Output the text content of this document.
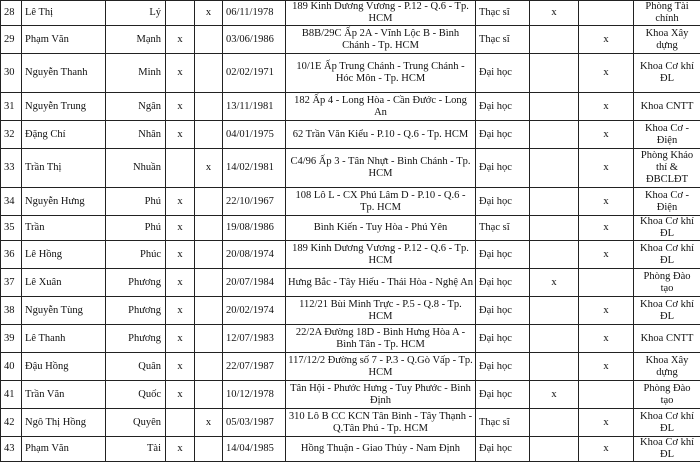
28	Lê Thị	Lý		x	06/11/1978	189 Kinh Dương Vương - P.12 - Q.6 - Tp. HCM	Thạc sĩ	x		Phòng Tài chính
29	Phạm Văn	Mạnh	x		03/06/1986	B8B/29C Ấp 2A - Vĩnh Lộc B - Bình Chánh - Tp. HCM	Thạc sĩ		x	Khoa Xây dựng
30	Nguyễn Thanh	Minh	x		02/02/1971	10/1E Ấp Trung Chánh - Trung Chánh - Hóc Môn - Tp. HCM	Đại học		x	Khoa Cơ khí ĐL
31	Nguyễn Trung	Ngân	x		13/11/1981	182 Ấp 4 - Long Hòa - Cần Đước - Long An	Đại học		x	Khoa CNTT
32	Đặng Chí	Nhân	x		04/01/1975	62 Trần Văn Kiểu - P.10 - Q.6 - Tp. HCM	Đại học		x	Khoa Cơ - Điện
33	Trần Thị	Nhuần		x	14/02/1981	C4/96 Ấp 3 - Tân Nhựt - Bình Chánh - Tp. HCM	Đại học		x	Phòng Khảo thí & ĐBCLĐT
34	Nguyễn Hưng	Phú	x		22/10/1967	108 Lô L - CX Phú Lâm D - P.10 - Q.6 - Tp. HCM	Đại học		x	Khoa Cơ - Điện
35	Trần	Phú	x		19/08/1986	Bình Kiến - Tuy Hòa - Phú Yên	Thạc sĩ		x	Khoa Cơ khí ĐL
36	Lê Hồng	Phúc	x		20/08/1974	189 Kinh Dương Vương - P.12 - Q.6 - Tp. HCM	Đại học		x	Khoa Cơ khí ĐL
37	Lê Xuân	Phương	x		20/07/1984	Hưng Bắc - Tây Hiếu - Thái Hòa - Nghệ An	Đại học	x		Phòng Đào tạo
38	Nguyễn Tùng	Phương	x		20/02/1974	112/21 Bùi Minh Trực - P.5 - Q.8 - Tp. HCM	Đại học		x	Khoa Cơ khí ĐL
39	Lê Thanh	Phương	x		12/07/1983	22/2A Đường 18D - Bình Hưng Hòa A - Bình Tân - Tp. HCM	Đại học		x	Khoa CNTT
40	Đậu Hồng	Quân	x		22/07/1987	117/12/2 Đường số 7 - P.3 - Q.Gò Vấp - Tp. HCM	Đại học		x	Khoa Xây dựng
41	Trần Văn	Quốc	x		10/12/1978	Tân Hội - Phước Hưng - Tuy Phước - Bình Định	Đại học	x		Phòng Đào tạo
42	Ngô Thị Hồng	Quyên		x	05/03/1987	310 Lô B CC KCN Tân Bình - Tây Thạnh - Q.Tân Phú - Tp. HCM	Thạc sĩ		x	Khoa Cơ khí ĐL
43	Phạm Văn	Tài	x		14/04/1985	Hồng Thuận - Giao Thủy - Nam Định	Đại học		x	Khoa Cơ khí ĐL
